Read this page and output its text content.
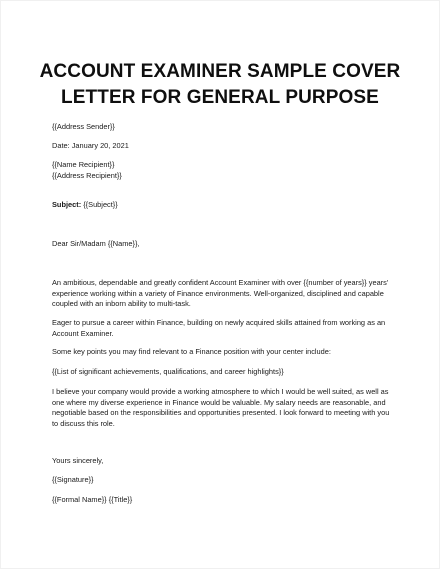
ACCOUNT EXAMINER SAMPLE COVER
LETTER FOR GENERAL PURPOSE
{{Address Sender}}
Date: January 20, 2021
{{Name Recipient}}
{{Address Recipient}}
Subject: {{Subject}}
Dear Sir/Madam {{Name}},
An ambitious, dependable and greatly confident Account Examiner with over {{number of years}} years' experience working within a variety of Finance environments. Well-organized, disciplined and capable coupled with an inborn ability to multi-task.
Eager to pursue a career within Finance, building on newly acquired skills attained from working as an Account Examiner.
Some key points you may find relevant to a Finance position with your center include:
{{List of significant achievements, qualifications, and career highlights}}
I believe your company would provide a working atmosphere to which I would be well suited, as well as one where my diverse experience in Finance would be valuable. My salary needs are reasonable, and negotiable based on the responsibilities and opportunities presented. I look forward to meeting with you to discuss this role.
Yours sincerely,
{{Signature}}
{{Formal Name}} {{Title}}
